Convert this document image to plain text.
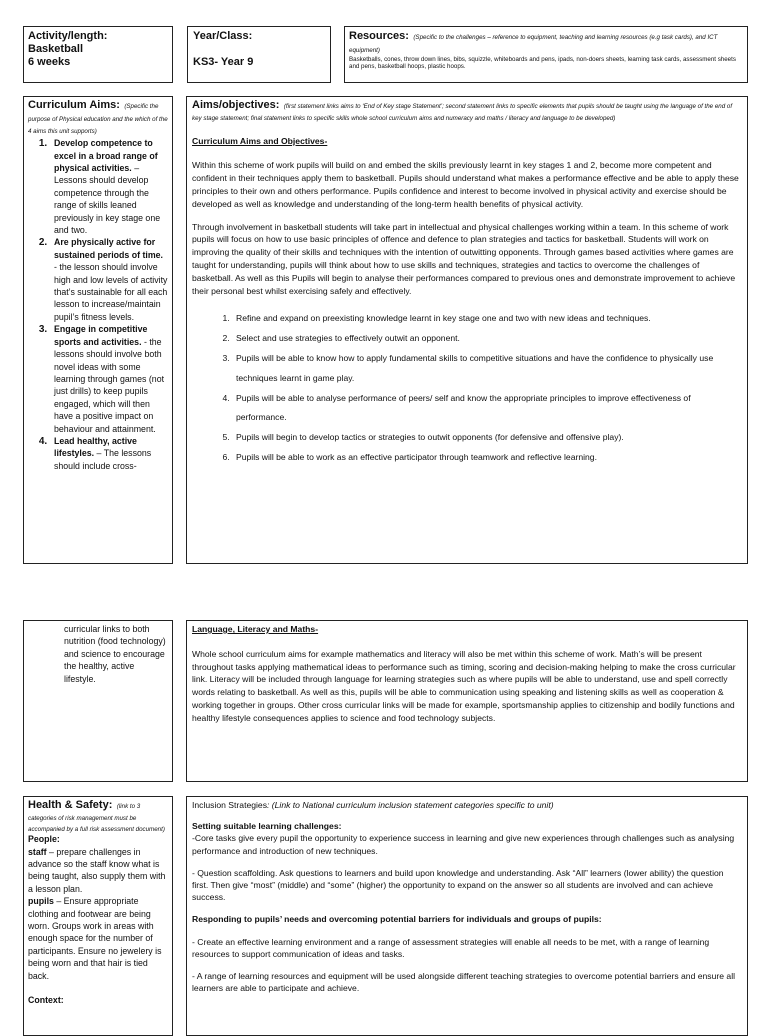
Activity/length:
Basketball
6 weeks
Year/Class:
KS3- Year 9
Resources: (Specific to the challenges – reference to equipment, teaching and learning resources (e.g task cards), and ICT equipment)
Basketballs, cones, throw down lines, bibs, squizzle, whiteboards and pens, ipads, non-doers sheets, learning task cards, assessment sheets and pens, basketball hoops, plastic hoops.
Curriculum Aims: (Specific the purpose of Physical education and the which of the 4 aims this unit supports)
1. Develop competence to excel in a broad range of physical activities. – Lessons should develop competence through the range of skills leaned previously in key stage one and two.
2. Are physically active for sustained periods of time. - the lesson should involve high and low levels of activity that’s sustainable for all each lesson to increase/maintain pupil’s fitness levels.
3. Engage in competitive sports and activities. - the lessons should involve both novel ideas with some learning through games (not just drills) to keep pupils engaged, which will then have a positive impact on behaviour and attainment.
4. Lead healthy, active lifestyles. – The lessons should include cross-
Aims/objectives: (first statement links aims to ‘End of Key stage Statement’; second statement links to specific elements that pupils should be taught using the language of the end of key stage statement; final statement links to specific skills whole school curriculum aims and numeracy and maths / literacy and language to be developed)

Curriculum Aims and Objectives-

Within this scheme of work pupils will build on and embed the skills previously learnt in key stages 1 and 2, become more competent and confident in their techniques apply them to basketball. Pupils should understand what makes a performance effective and be able to apply these principles to their own and others performance. Pupils confidence and interest to become involved in physical activity and exercise should be developed as well as knowledge and understanding of the long-term health benefits of physical activity.

Through involvement in basketball students will take part in intellectual and physical challenges working within a team. In this scheme of work pupils will focus on how to use basic principles of offence and defence to plan strategies and tactics for basketball. Students will work on improving the quality of their skills and techniques with the intention of outwitting opponents. Through games based activities where games are taught for understanding, pupils will think about how to use skills and techniques, strategies and tactics to overcome the challenges of basketball. As well as this Pupils will begin to analyse their performances compared to previous ones and demonstrate improvement to achieve their personal best whilst exercising safely and effectively.

1. Refine and expand on preexisting knowledge learnt in key stage one and two with new ideas and techniques.
2. Select and use strategies to effectively outwit an opponent.
3. Pupils will be able to know how to apply fundamental skills to competitive situations and have the confidence to physically use techniques learnt in game play.
4. Pupils will be able to analyse performance of peers/ self and know the appropriate principles to improve effectiveness of performance.
5. Pupils will begin to develop tactics or strategies to outwit opponents (for defensive and offensive play).
6. Pupils will be able to work as an effective participator through teamwork and reflective learning.

curricular links to both nutrition (food technology) and science to encourage the healthy, active lifestyle.

Language, Literacy and Maths-

Whole school curriculum aims for example mathematics and literacy will also be met within this scheme of work. Math’s will be present throughout tasks applying mathematical ideas to performance such as timing, scoring and decision-making helping to make the cross curricular link. Literacy will be included through language for learning strategies such as where pupils will be able to understand, use and spell correctly words relating to basketball. As well as this, pupils will be able to communication using speaking and listening skills as well as cooperation & working together in groups. Other cross curricular links will be made for example, sportsmanship applies to citizenship and bodily functions and healthy lifestyle consequences applies to science and food technology subjects.

Health & Safety: (link to 3 categories of risk management must be accompanied by a full risk assessment document)

People:

staff – prepare challenges in advance so the staff know what is being taught, also supply them with a lesson plan.

pupils – Ensure appropriate clothing and footwear are being worn. Groups work in areas with enough space for the number of participants. Ensure no jewelery is being worn and that hair is tied back.

Context:

Inclusion Strategies: (Link to National curriculum inclusion statement categories specific to unit)

Setting suitable learning challenges:

-Core tasks give every pupil the opportunity to experience success in learning and give new experiences through challenges such as analysing performance and introduction of new techniques.

- Question scaffolding. Ask questions to learners and build upon knowledge and understanding. Ask “All” learners (lower ability) the question first. Then give “most” (middle) and “some” (higher) the opportunity to expand on the answer so all students are involved and can achieve success.

Responding to pupils’ needs and overcoming potential barriers for individuals and groups of pupils:

- Create an effective learning environment and a range of assessment strategies will enable all needs to be met, with a range of learning resources to support communication of ideas and tasks.

- A range of learning resources and equipment will be used alongside different teaching strategies to overcome potential barriers and ensure all learners are able to participate and achieve.
